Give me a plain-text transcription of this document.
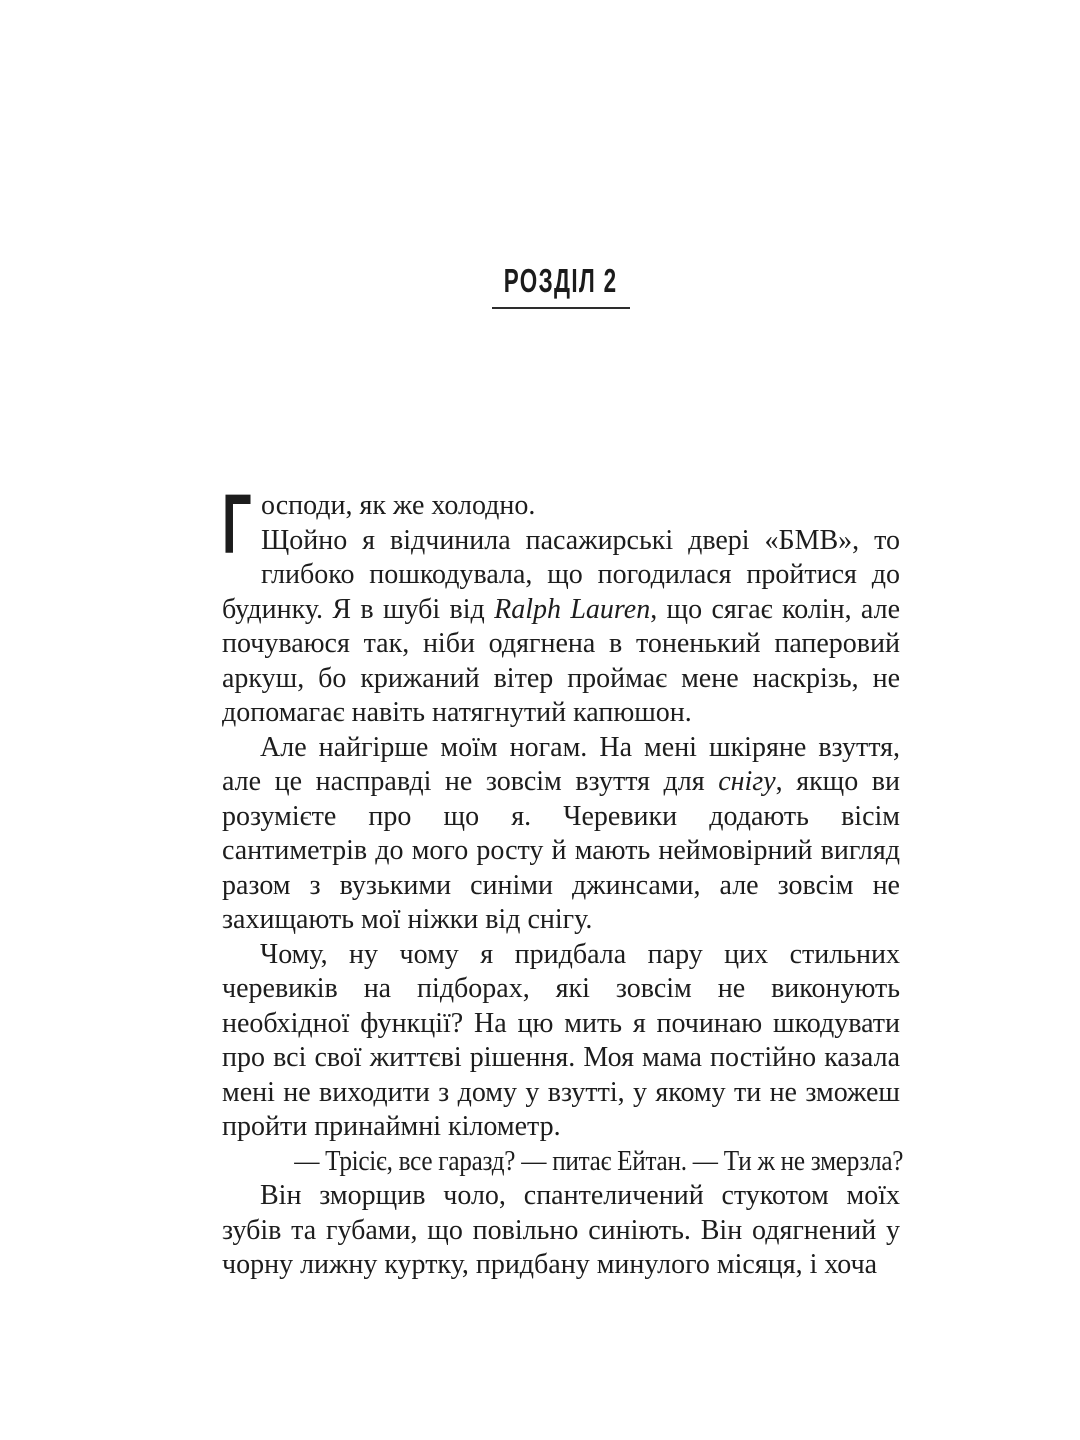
РОЗДІЛ 2
Г осподи, як же холодно.

Щойно я відчинила пасажирські двері «БМВ», то глибоко пошкодувала, що погодилася пройтися до будинку. Я в шубі від Ralph Lauren, що сягає колін, але почуваюся так, ніби одягнена в тоненький паперовий аркуш, бо крижаний вітер проймає мене наскрізь, не допомагає навіть натягнутий капюшон.

Але найгірше моїм ногам. На мені шкіряне взуття, але це насправді не зовсім взуття для снігу, якщо ви розумієте про що я. Черевики додають вісім сантиметрів до мого росту й мають неймовірний вигляд разом з вузькими синіми джинсами, але зовсім не захищають мої ніжки від снігу.

Чому, ну чому я придбала пару цих стильних черевиків на підборах, які зовсім не виконують необхідної функції? На цю мить я починаю шкодувати про всі свої життєві рішення. Моя мама постійно казала мені не виходити з дому у взутті, у якому ти не зможеш пройти принаймні кілометр.

— Трісіє, все гаразд? — питає Ейтан. — Ти ж не змерзла?

Він зморщив чоло, спантеличений стукотом моїх зубів та губами, що повільно синіють. Він одягнений у чорну лижну куртку, придбану минулого місяця, і хоча
